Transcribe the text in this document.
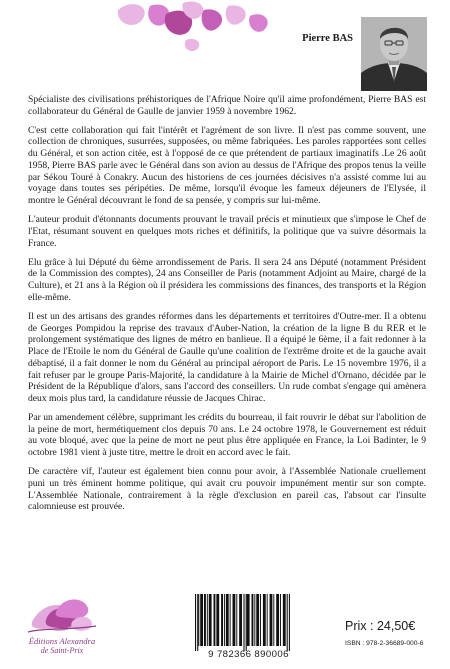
Pierre BAS

Spécialiste des civilisations préhistoriques de l'Afrique Noire qu'il aime profondément, Pierre BAS est collaborateur du Général de Gaulle de janvier 1959 à novembre 1962.

C'est cette collaboration qui fait l'intérêt et l'agrément de son livre. Il n'est pas comme souvent, une collection de chroniques, susurrées, supposées, ou même fabriquées. Les paroles rapportées sont celles du Général, et son action citée, est à l'opposé de ce que prétendent de partiaux imaginatifs .Le 26 août 1958, Pierre BAS parle avec le Général dans son avion au dessus de l'Afrique des propos tenus la veille par Sékou Touré à Conakry. Aucun des historiens de ces journées décisives n'a assisté comme lui au voyage dans toutes ses péripéties. De même, lorsqu'il évoque les fameux déjeuners de l'Elysée, il montre le Général découvrant le fond de sa pensée, y compris sur lui-même.

L'auteur produit d'étonnants documents prouvant le travail précis et minutieux que s'impose le Chef de l'Etat, résumant souvent en quelques mots riches et définitifs, la politique que va suivre désormais la France.

Elu grâce à lui Député du 6ème arrondissement de Paris. Il sera 24 ans Député (notamment Président de la Commission des comptes), 24 ans Conseiller de Paris (notamment Adjoint au Maire, chargé de la Culture), et 21 ans à la Région où il présidera les commissions des finances, des transports et la Région elle-même.

Il est un des artisans des grandes réformes dans les départements et territoires d'Outre-mer. Il a obtenu de Georges Pompidou la reprise des travaux d'Auber-Nation, la création de la ligne B du RER et le prolongement systématique des lignes de métro en banlieue. Il a équipé le 6ème, il a fait redonner à la Place de l'Etoile le nom du Général de Gaulle qu'une coalition de l'extrême droite et de la gauche avait débaptisé, il a fait donner le nom du Général au principal aéroport de Paris. Le 15 novembre 1976, il a fait refuser par le groupe Paris-Majorité, la candidature à la Mairie de Michel d'Ornano, décidée par le Président de la République d'alors, sans l'accord des conseillers. Un rude combat s'engage qui amènera deux mois plus tard, la candidature réussie de Jacques Chirac.

Par un amendement célèbre, supprimant les crédits du bourreau, il fait rouvrir le débat sur l'abolition de la peine de mort, hermétiquement clos depuis 70 ans. Le 24 octobre 1978, le Gouvernement est réduit au vote bloqué, avec que la peine de mort ne peut plus être appliquée en France, la Loi Badinter, le 9 octobre 1981 vient à juste titre, mettre le droit en accord avec le fait.

De caractère vif, l'auteur est également bien connu pour avoir, à l'Assemblée Nationale cruellement puni un très éminent homme politique, qui avait cru pouvoir impunément mentir sur son compte. L'Assemblée Nationale, contrairement à la règle d'exclusion en pareil cas, l'absout car l'insulte calomnieuse est prouvée.

Éditions Alexandra
de Saint-Prix	9 782366 890006
Prix : 24,50€
ISBN : 978-2-36689-000-6
